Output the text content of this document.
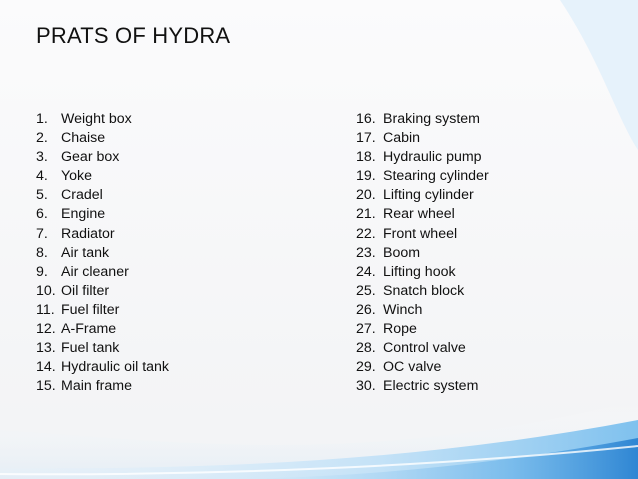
PRATS OF HYDRA
1. Weight box
2. Chaise
3. Gear box
4. Yoke
5. Cradel
6. Engine
7. Radiator
8. Air tank
9. Air cleaner
10. Oil filter
11. Fuel filter
12. A-Frame
13. Fuel tank
14. Hydraulic oil tank
15. Main frame
16. Braking system
17. Cabin
18. Hydraulic pump
19. Stearing cylinder
20. Lifting cylinder
21. Rear wheel
22. Front wheel
23. Boom
24. Lifting hook
25. Snatch block
26. Winch
27. Rope
28. Control valve
29. OC valve
30. Electric system
